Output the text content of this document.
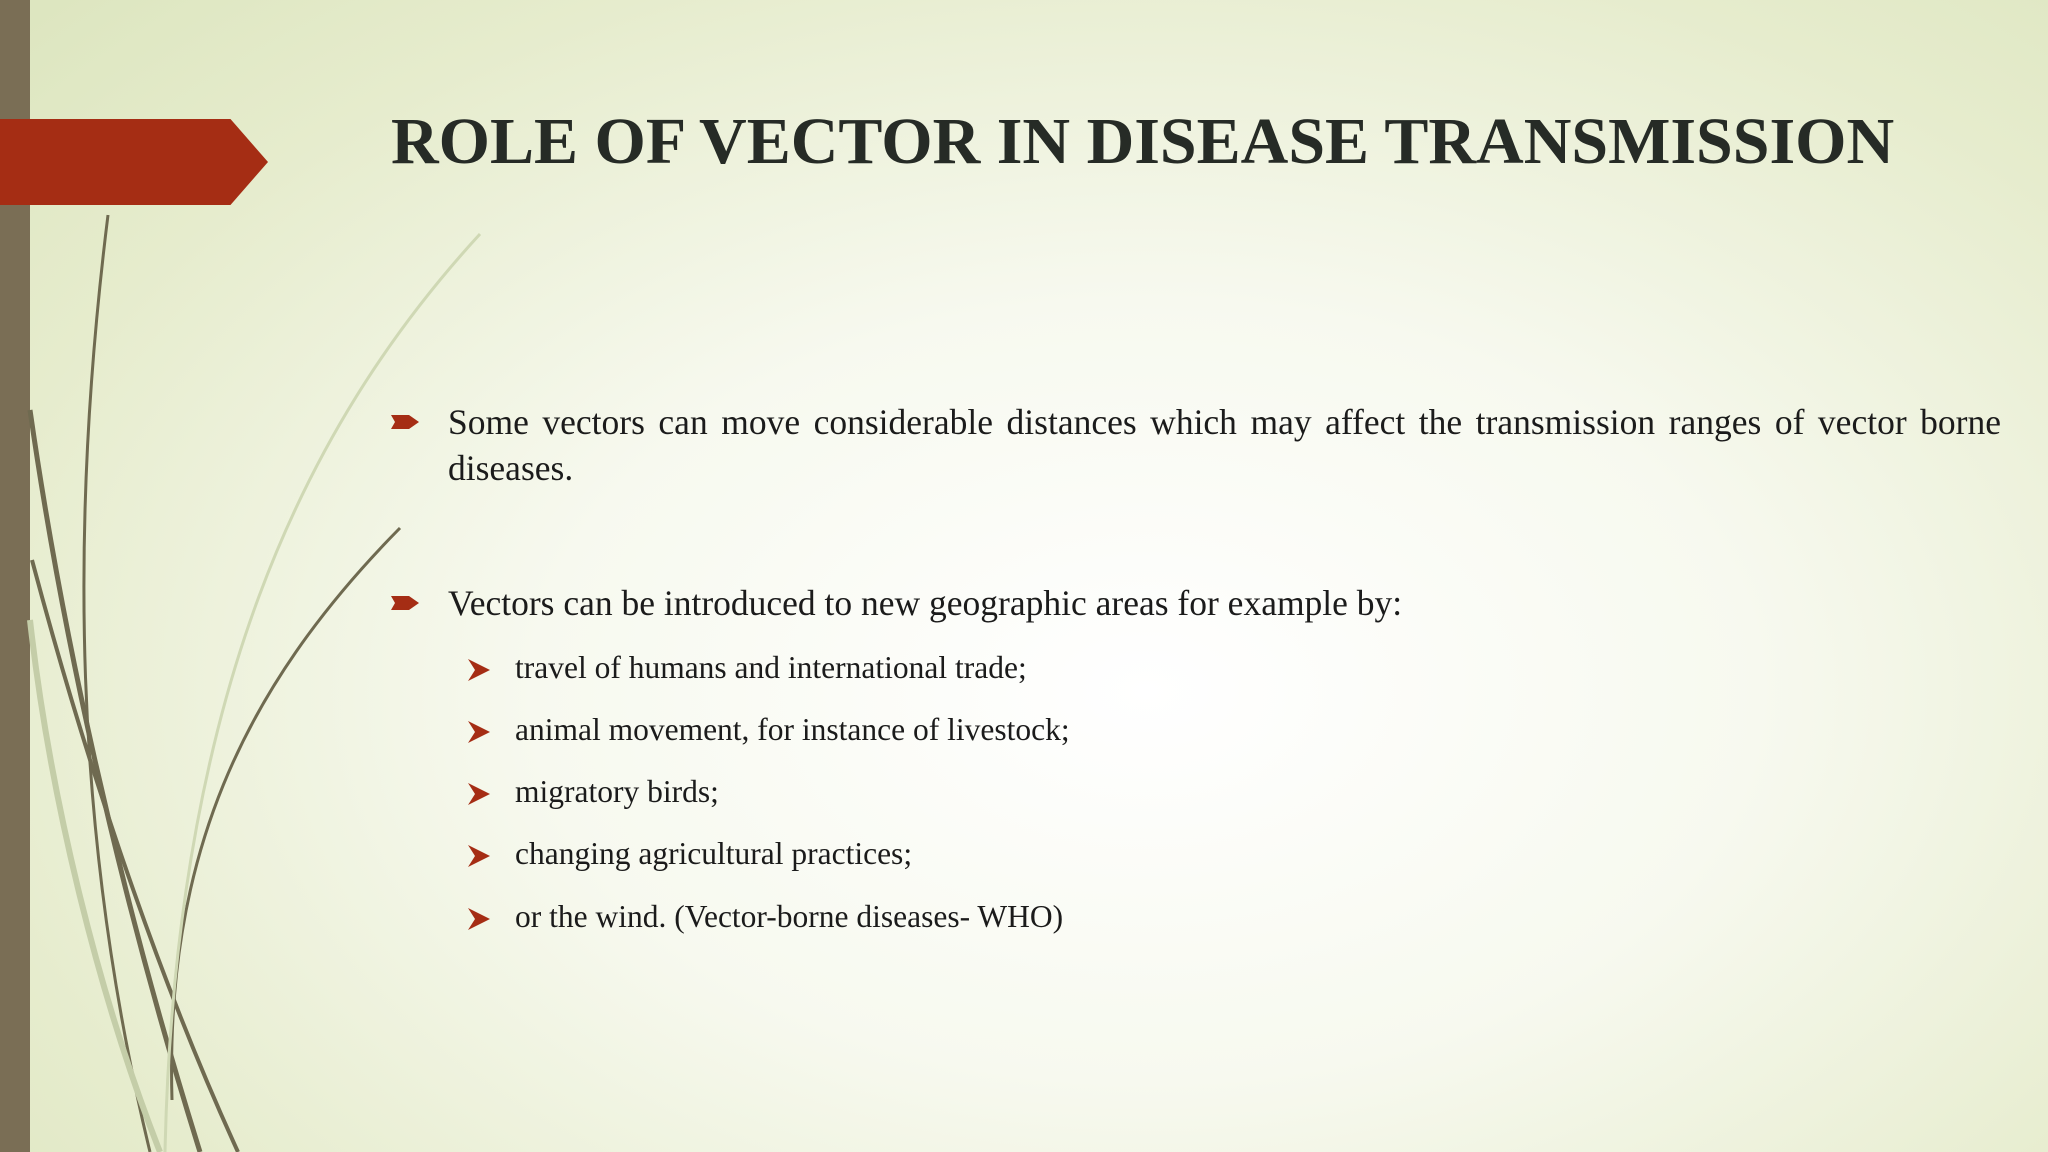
ROLE OF VECTOR IN DISEASE TRANSMISSION
Some vectors can move considerable distances which may affect the transmission ranges of vector borne diseases.
Vectors can be introduced to new geographic areas for example by:
travel of humans and international trade;
animal movement, for instance of livestock;
migratory birds;
changing agricultural practices;
or the wind. (Vector-borne diseases- WHO)
